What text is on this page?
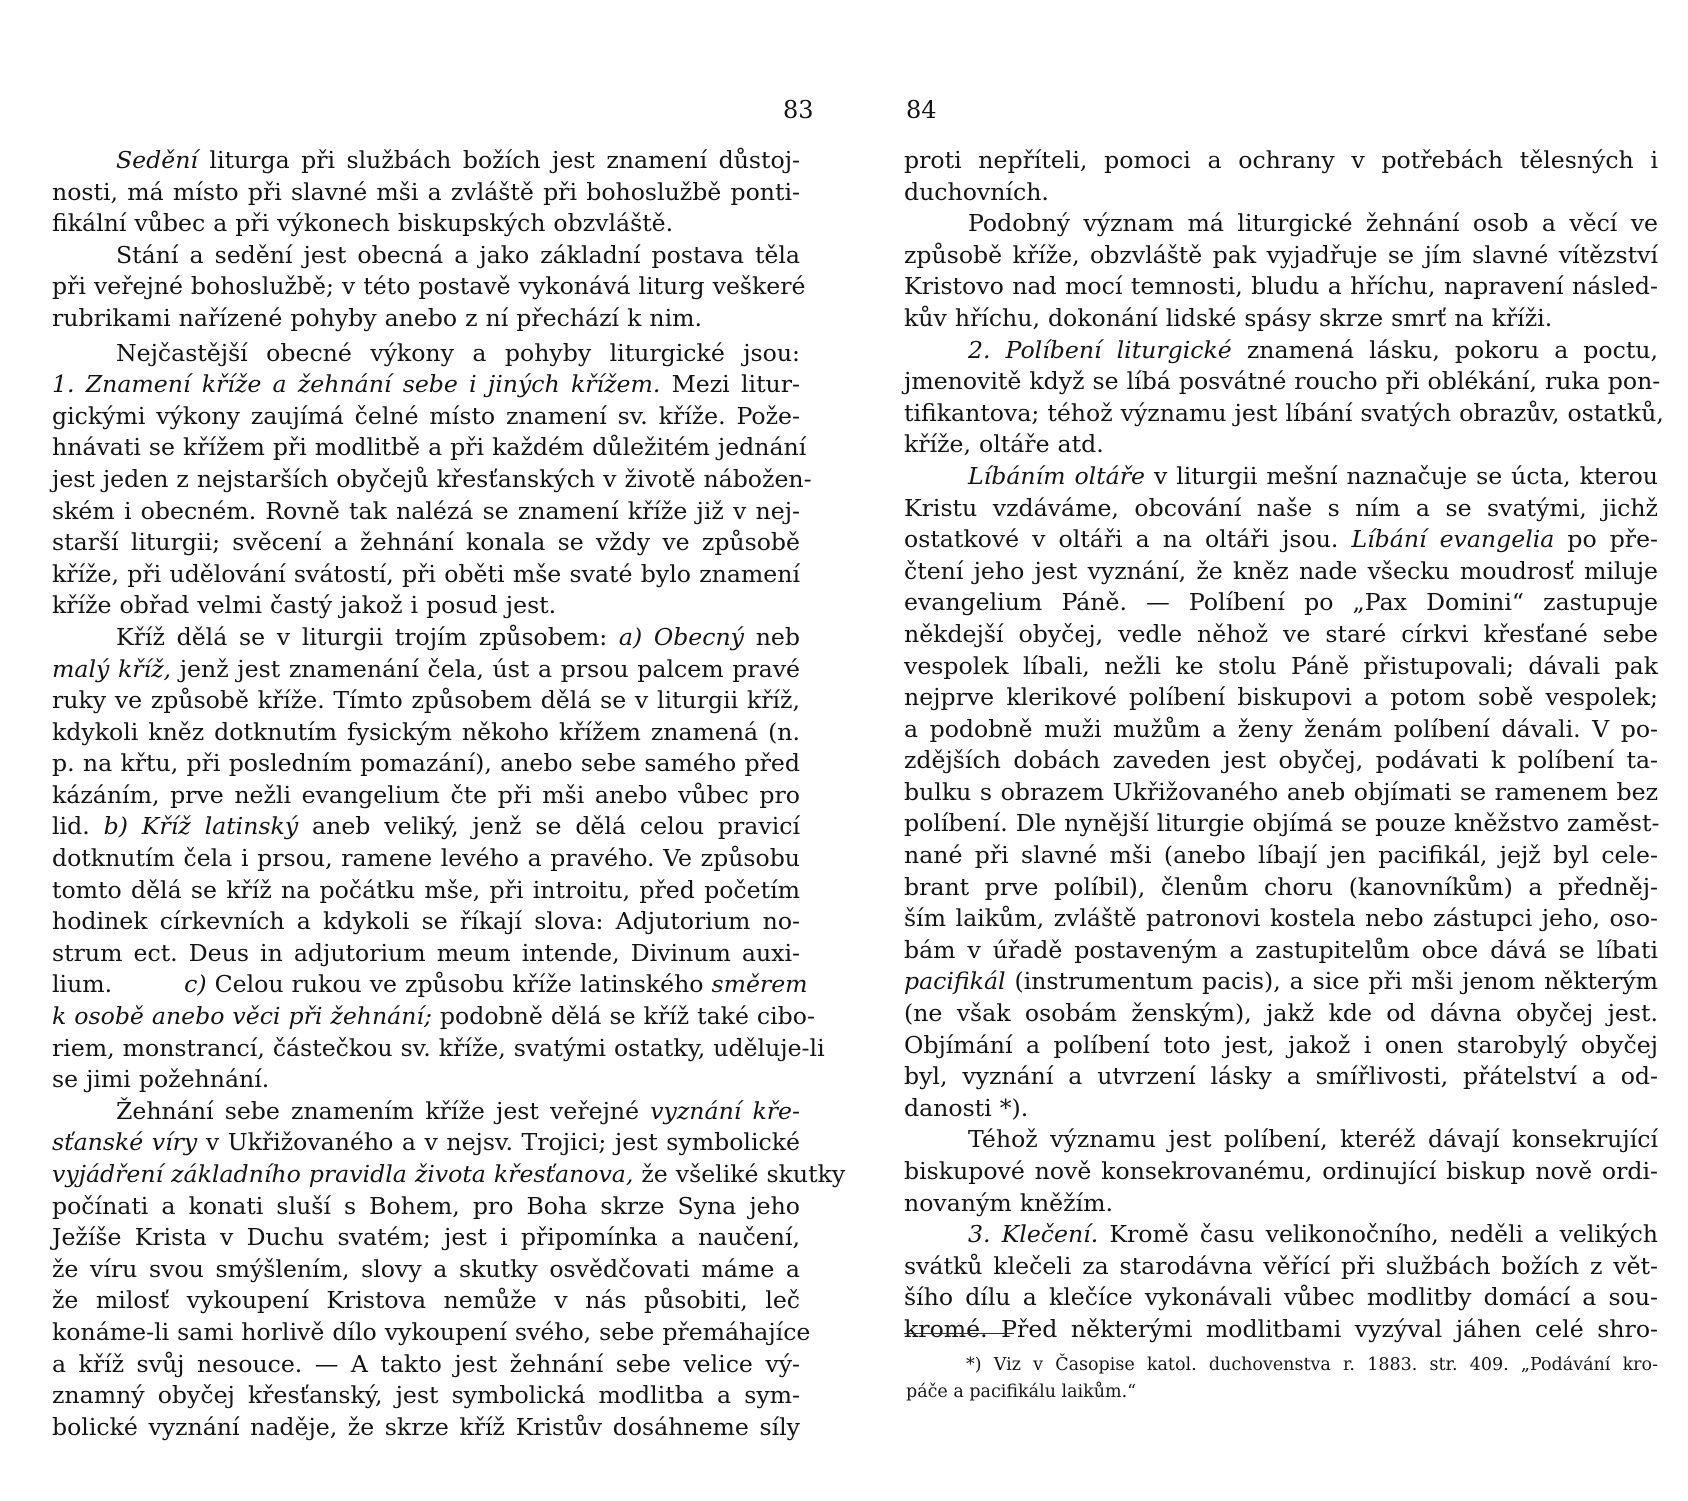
83
Sedění liturga při službách božích jest znamení důstoj-
nosti, má místo při slavné mši a zvláště při bohoslužbě ponti-
fikální vůbec a při výkonech biskupských obzvláště.
Stání a sedění jest obecná a jako základní postava těla
při veřejné bohoslužbě; v této postavě vykonává liturg veškeré
rubrikami nařízené pohyby anebo z ní přechází k nim.
Nejčastější obecné výkony a pohyby liturgické jsou:
1. Znamení kříže a žehnání sebe i jiných křížem. Mezi litur-
gickými výkony zaujímá čelné místo znamení sv. kříže. Pože-
hnávati se křížem při modlitbě a při každém důležitém jednání
jest jeden z nejstarších obyčejů křesťanských v životě nábožen-
ském i obecném. Rovně tak nalézá se znamení kříže již v nej-
starší liturgii; svěcení a žehnání konala se vždy ve způsobě
kříže, při udělování svátostí, při oběti mše svaté bylo znamení
kříže obřad velmi častý jakož i posud jest.
Kříž dělá se v liturgii trojím způsobem: a) Obecný neb
malý kříž, jenž jest znamenání čela, úst a prsou palcem pravé
ruky ve způsobě kříže. Tímto způsobem dělá se v liturgii kříž,
kdykoli kněz dotknutím fysickým někoho křížem znamená (n.
p. na křtu, při posledním pomazání), anebo sebe samého před
kázáním, prve nežli evangelium čte při mši anebo vůbec pro
lid. b) Kříž latinský aneb veliký, jenž se dělá celou pravicí
dotknutím čela i prsou, ramene levého a pravého. Ve způsobu
tomto dělá se kříž na počátku mše, při introitu, před početím
hodinek církevních a kdykoli se říkají slova: Adjutorium no-
strum ect. Deus in adjutorium meum intende, Divinum auxi-
lium.         c) Celou rukou ve způsobu kříže latinského směrem
k osobě anebo věci při žehnání; podobně dělá se kříž také cibo-
riem, monstrancí, částečkou sv. kříže, svatými ostatky, uděluje-li
se jimi požehnání.
Žehnání sebe znamením kříže jest veřejné vyznání kře-
sťanské víry v Ukřižovaného a v nejsv. Trojici; jest symbolické
vyjádření základního pravidla života křesťanova, že všeliké skutky
počínati a konati sluší s Bohem, pro Boha skrze Syna jeho
Ježíše Krista v Duchu svatém; jest i připomínka a naučení,
že víru svou smýšlením, slovy a skutky osvědčovati máme a
že milosť vykoupení Kristova nemůže v nás působiti, leč
konáme-li sami horlivě dílo vykoupení svého, sebe přemáhajíce
a kříž svůj nesouce. — A takto jest žehnání sebe velice vý-
znamný obyčej křesťanský, jest symbolická modlitba a sym-
bolické vyznání naděje, že skrze kříž Kristův dosáhneme síly
84
proti nepříteli, pomoci a ochrany v potřebách tělesných i
duchovních.
Podobný význam má liturgické žehnání osob a věcí ve
způsobě kříže, obzvláště pak vyjadřuje se jím slavné vítězství
Kristovo nad mocí temnosti, bludu a hříchu, napravení násled-
kův hříchu, dokonání lidské spásy skrze smrť na kříži.
2. Políbení liturgické znamená lásku, pokoru a poctu,
jmenovitě když se líbá posvátné roucho při oblékání, ruka pon-
tifikantova; téhož významu jest líbání svatých obrazův, ostatků,
kříže, oltáře atd.
Líbáním oltáře v liturgii mešní naznačuje se úcta, kterou
Kristu vzdáváme, obcování naše s ním a se svatými, jichž
ostatkové v oltáři a na oltáři jsou. Líbání evangelia po pře-
čtení jeho jest vyznání, že kněz nade všecku moudrosť miluje
evangelium Páně. — Políbení po „Pax Domini“ zastupuje
někdejší obyčej, vedle něhož ve staré církvi křesťané sebe
vespolek líbali, nežli ke stolu Páně přistupovali; dávali pak
nejprve klerikové políbení biskupovi a potom sobě vespolek;
a podobně muži mužům a ženy ženám políbení dávali. V po-
zdějších dobách zaveden jest obyčej, podávati k políbení ta-
bulku s obrazem Ukřižovaného aneb objímati se ramenem bez
políbení. Dle nynější liturgie objímá se pouze kněžstvo zaměst-
nané při slavné mši (anebo líbají jen pacifikál, jejž byl cele-
brant prve políbil), členům choru (kanovníkům) a předněj-
ším laikům, zvláště patronovi kostela nebo zástupci jeho, oso-
bám v úřadě postaveným a zastupitelům obce dává se líbati
pacifikál (instrumentum pacis), a sice při mši jenom některým
(ne však osobám ženským), jakž kde od dávna obyčej jest.
Objímání a políbení toto jest, jakož i onen starobylý obyčej
byl, vyznání a utvrzení lásky a smířlivosti, přátelství a od-
danosti *).
Téhož významu jest políbení, kteréž dávají konsekrující
biskupové nově konsekrovanému, ordinující biskup nově ordi-
novaným kněžím.
3. Klečení. Kromě času velikonočního, neděli a velikých
svátků klečeli za starodávna věřící při službách božích z vět-
šího dílu a klečíce vykonávali vůbec modlitby domácí a sou-
kromé. Před některými modlitbami vyzýval jáhen celé shro-
*) Viz v Časopise katol. duchovenstva r. 1883. str. 409. „Podávání kro-
páče a pacifikálu laikům.“
